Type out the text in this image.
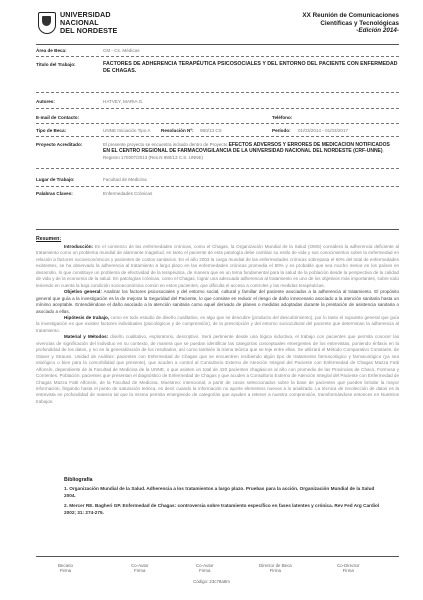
UNIVERSIDAD
NACIONAL
DEL NORDESTE
XX Reunión de Comunicaciones
Científicas y Tecnológicas
-Edición 2014-
Área de Beca:	CM - Cs. Médicas
Título del Trabajo:	FACTORES DE ADHERENCIA TERAPÉUTICA PSICOSOCIALES Y DEL ENTORNO DEL PACIENTE CON ENFERMEDAD DE CHAGAS.
Autores:	HATVEY, MARIA G.
E-mail de Contacto:	Teléfono:
Tipo de Beca:	UNNE Iniciación Tipo A Resolución Nº: 980/13 CS	Período: 01/03/2014 - 01/03/2017
Proyecto Acreditado:	El presente proyecto se encuentra incluido dentro de Proyecto EFECTOS ADVERSOS Y ERRORES DE MEDICACION NOTIFICADOS EN EL CENTRO REGIONAL DE FARMACOVIGILANCIA DE LA UNIVERSIDAD NACIONAL DEL NORDESTE (CRF-UNNE), Registro 17/I007/2013 (Res.N 980/13 C.S. UNNE)
Lugar de Trabajo:	Facultad de Medicina
Palabras Claves:	Enfermedades Crónicas
Resumen:

Introducción: En el comienzo de las enfermedades crónicas, como el Chagas, la Organización Mundial de la Salud (OMS) considera la adherencia deficiente al tratamiento como un problema mundial de alarmante magnitud, en tanto el paciente de esta patología debe cambiar su estilo de vida y sus conocimientos sobre la enfermedad en relación a factores socioeconómicos y pacientes de costos sanitarios. En el año 2003 la carga mundial de las enfermedades crónicas sobrepasa el 60% del total de enfermedades existentes, se ha observado la adherencia al tratamiento a largo plazo en las enfermedades crónicas promedia el 50% y es probable que sea mucho menor en los países en desarrollo, lo que constituye un problema de efectividad de la terapéutica, de manera que es un tema fundamental para la salud de la población desde la perspectiva de la calidad de vida y de la economía de la salud. En patologías crónicas, como el Chagas, lograr una adecuada adherencia al tratamiento es uno de los objetivos más importantes, sobre todo teniendo en cuenta la baja condición socioeconómica común en estos pacientes, que dificulta el acceso a controles y las medidas terapéuticas.

Objetivo general: Analizar los factores psicosociales y del entorno social, cultural y familiar del paciente asociados a la adherencia al tratamiento. El propósito general que guía a la investigación es la de mejorar la Seguridad del Paciente, lo que consiste en reducir el riesgo de daño innecesario asociado a la atención sanitaria hasta un mínimo aceptable. Entendiéndose el daño asociado a la atención sanitaria como aquel derivado de planes o medidas adoptadas durante la prestación de asistencia sanitaria o asociado a ellas.

Hipótesis de trabajo, como en todo estudio de diseño cualitativo, es algo que se descubre (producto del descubrimiento), por lo tanto el supuesto general que guía la investigación es que existen factores individuales (psicológicos y de comprensión), de la prescripción y del entorno sociocultural del paciente que determinan la adherencia al tratamiento.

Material y Métodos: diseño cualitativo, exploratorio, descriptivo. Será pertinente desde una lógica inductiva, el trabajo con pacientes que permita conocer las vivencias de significación del individuo en su contexto, de manera que se puedan identificar las categorías conceptuales emergentes de los entrevistas, poniendo énfasis en la profundidad de los datos, y no en la generalización de los resultados, así como también la trama teórica que se teje entre ellas. Se utilizará el Método Comparativo Constante, de Glaser y Strauss. Unidad de Análisis: pacientes con Enfermedad de Chagas que se encuentren recibiendo algún tipo de tratamiento farmacológico y farmacológico (ya sea etiológico o bien para la comorbilidad que presente), que acuden a control al Consultorio Externo de Atención Integral del Paciente con Enfermedad de Chagas Mazza Fatti Alfonsín, dependiente de la Facultad de Medicina de la UNNE, o que asisten un total de 420 pacientes chagásicos al año con promedio de las Provincias de Chaco, Formosa y Corrientes. Población: pacientes que presentan el diagnóstico de Enfermedad de Chagas y que acuden a Consultorio Externo de Atención Integral del Paciente con Enfermedad de Chagas Mazza Fatti Alfonsín, de la Facultad de Medicina. Muestreo: intencional, a partir de casos seleccionados sobre la base de pacientes que pueden brindar la mayor información, llegando hasta el punto de saturación teórica, es decir cuando la información no aporte elementos nuevos a lo analizado. La técnica de recolección de datos es la entrevista en profundidad de manera tal que la misma permita emergiendo de categorías que ayuden a retener a nuestra comprensión, transformándose entonces en Nuestros trabajos.

Bibliografía
1. Organización Mundial de la Salud. Adherencia a los tratamientos a largo plazo. Pruebas para la acción. Organización Mundial de la Salud 2004.
2. Mercer RE. Bagheri GP. Enfermedad de Chagas: controversia sobre tratamiento específico en fases latentes y crónica. Rev Fed Arg Cardiol 2002; 31: 274-275.
Becario
Firma
Co-Autor
Firma
Co-Autor
Firma
Director de Beca
Firma
Co-Director
Firma
Código: 23c78a8m
